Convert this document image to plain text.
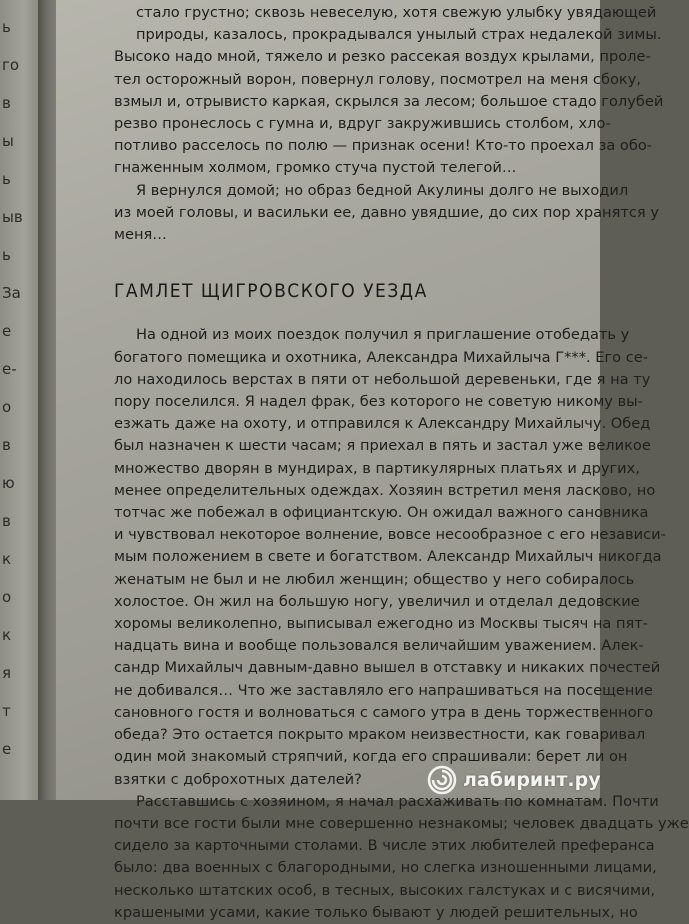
ь
го
в
ы
ь
ыв
ь
За
е
е-
о
в
ю
в
к
о
к
я
т
е
стало грустно; сквозь невеселую, хотя свежую улыбку увядающей
природы, казалось, прокрадывался унылый страх недалекой зимы.
Высоко надо мной, тяжело и резко рассекая воздух крылами, проле-
тел осторожный ворон, повернул голову, посмотрел на меня сбоку,
взмыл и, отрывисто каркая, скрылся за лесом; большое стадо голубей
резво пронеслось с гумна и, вдруг закружившись столбом, хло-
потливо расселось по полю — признак осени! Кто-то проехал за обо-
гнаженным холмом, громко стуча пустой телегой…
Я вернулся домой; но образ бедной Акулины долго не выходил
из моей головы, и васильки ее, давно увядшие, до сих пор хранятся у
меня…
ГАМЛЕТ ЩИГРОВСКОГО УЕЗДА
На одной из моих поездок получил я приглашение отобедать у
богатого помещика и охотника, Александра Михайлыча Г***. Его се-
ло находилось верстах в пяти от небольшой деревеньки, где я на ту
пору поселился. Я надел фрак, без которого не советую никому вы-
езжать даже на охоту, и отправился к Александру Михайлычу. Обед
был назначен к шести часам; я приехал в пять и застал уже великое
множество дворян в мундирах, в партикулярных платьях и других,
менее определительных одеждах. Хозяин встретил меня ласково, но
тотчас же побежал в официантскую. Он ожидал важного сановника
и чувствовал некоторое волнение, вовсе несообразное с его независи-
мым положением в свете и богатством. Александр Михайлыч никогда
женатым не был и не любил женщин; общество у него собиралось
холостое. Он жил на большую ногу, увеличил и отделал дедовские
хоромы великолепно, выписывал ежегодно из Москвы тысяч на пят-
надцать вина и вообще пользовался величайшим уважением. Алек-
сандр Михайлыч давным-давно вышел в отставку и никаких почестей
не добивался… Что же заставляло его напрашиваться на посещение
сановного гостя и волноваться с самого утра в день торжественного
обеда? Это остается покрыто мраком неизвестности, как говаривал
один мой знакомый стряпчий, когда его спрашивали: берет ли он
взятки с доброхотных дателей?
Расставшись с хозяином, я начал расхаживать по комнатам. Почти
почти все гости были мне совершенно незнакомы; человек двадцать уже
сидело за карточными столами. В числе этих любителей преферанса
было: два военных с благородными, но слегка изношенными лицами,
несколько штатских особ, в тесных, высоких галстуках и с висячими,
крашеными усами, какие только бывают у людей решительных, но
лабиринт.ру
